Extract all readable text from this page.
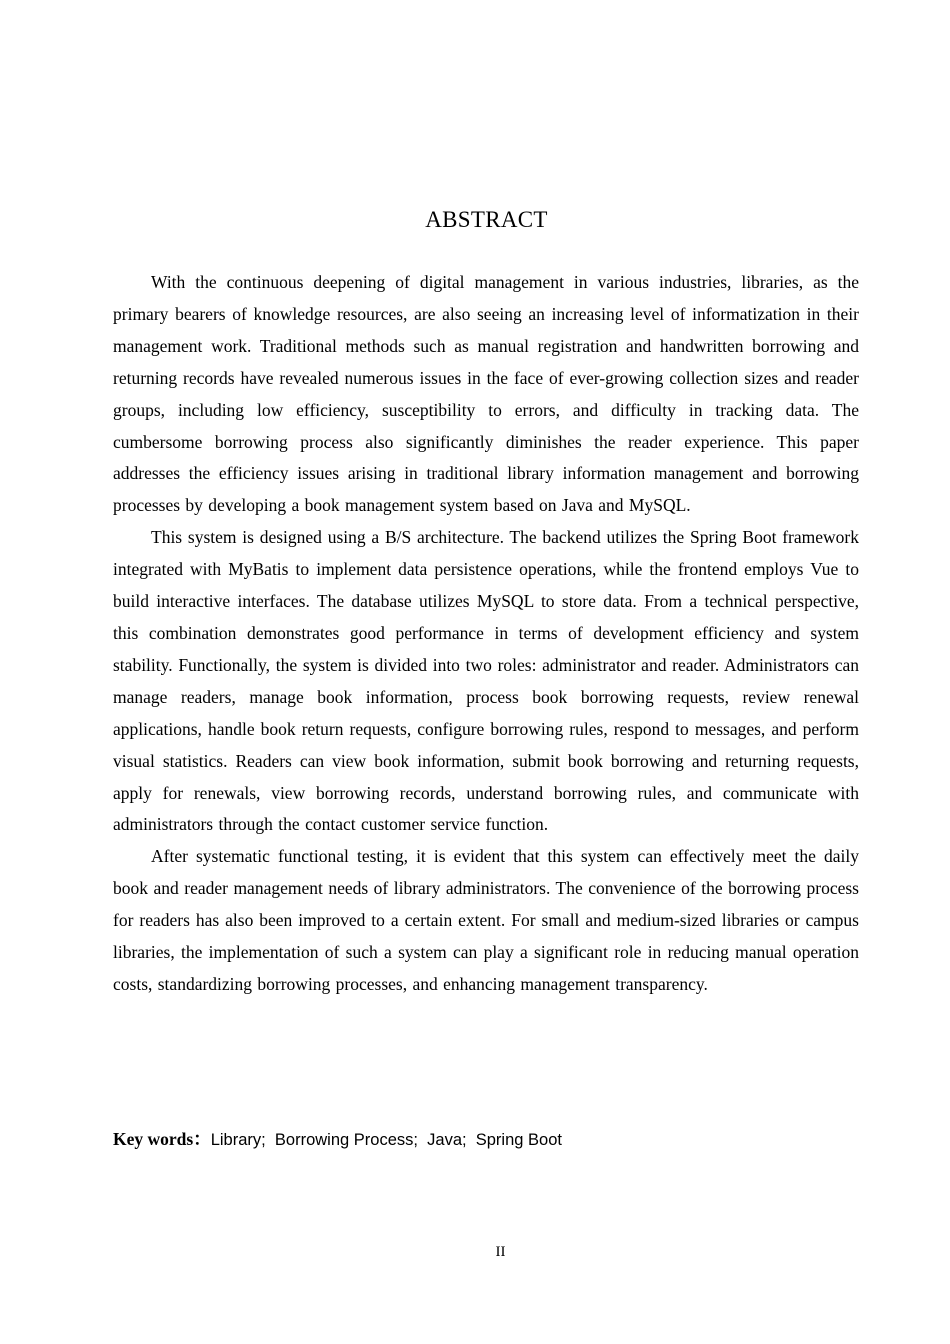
ABSTRACT

With the continuous deepening of digital management in various industries, libraries, as the primary bearers of knowledge resources, are also seeing an increasing level of informatization in their management work. Traditional methods such as manual registration and handwritten borrowing and returning records have revealed numerous issues in the face of ever-growing collection sizes and reader groups, including low efficiency, susceptibility to errors, and difficulty in tracking data. The cumbersome borrowing process also significantly diminishes the reader experience. This paper addresses the efficiency issues arising in traditional library information management and borrowing processes by developing a book management system based on Java and MySQL.

This system is designed using a B/S architecture. The backend utilizes the Spring Boot framework integrated with MyBatis to implement data persistence operations, while the frontend employs Vue to build interactive interfaces. The database utilizes MySQL to store data. From a technical perspective, this combination demonstrates good performance in terms of development efficiency and system stability. Functionally, the system is divided into two roles: administrator and reader. Administrators can manage readers, manage book information, process book borrowing requests, review renewal applications, handle book return requests, configure borrowing rules, respond to messages, and perform visual statistics. Readers can view book information, submit book borrowing and returning requests, apply for renewals, view borrowing records, understand borrowing rules, and communicate with administrators through the contact customer service function.

After systematic functional testing, it is evident that this system can effectively meet the daily book and reader management needs of library administrators. The convenience of the borrowing process for readers has also been improved to a certain extent. For small and medium-sized libraries or campus libraries, the implementation of such a system can play a significant role in reducing manual operation costs, standardizing borrowing processes, and enhancing management transparency.

Key words：Library; Borrowing Process; Java; Spring Boot
II
